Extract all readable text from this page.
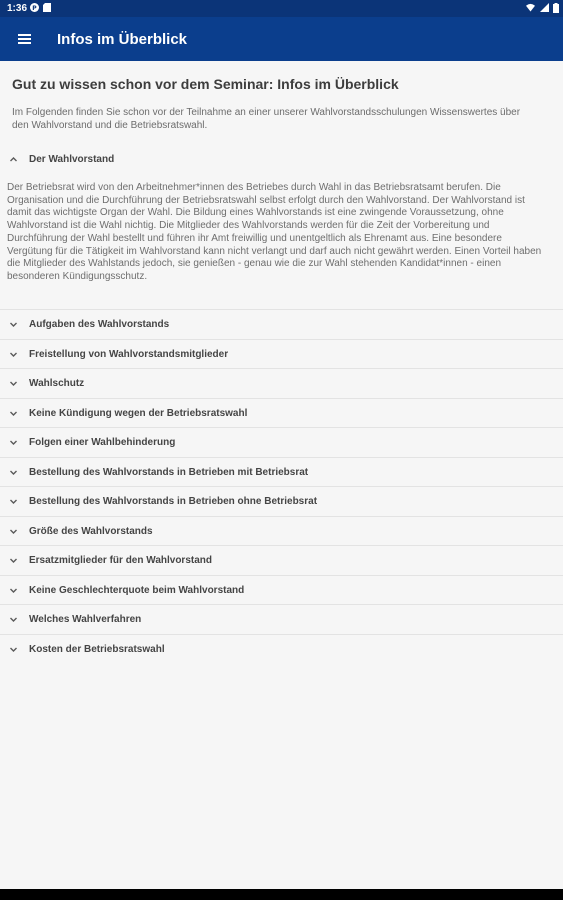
1:36 P
Infos im Überblick
Gut zu wissen schon vor dem Seminar: Infos im Überblick
Im Folgenden finden Sie schon vor der Teilnahme an einer unserer Wahlvorstandsschulungen Wissenswertes über den Wahlvorstand und die Betriebsratswahl.
Der Wahlvorstand
Der Betriebsrat wird von den Arbeitnehmer*innen des Betriebes durch Wahl in das Betriebsratsamt berufen. Die Organisation und die Durchführung der Betriebsratswahl selbst erfolgt durch den Wahlvorstand. Der Wahlvorstand ist damit das wichtigste Organ der Wahl. Die Bildung eines Wahlvorstands ist eine zwingende Voraussetzung, ohne Wahlvorstand ist die Wahl nichtig. Die Mitglieder des Wahlvorstands werden für die Zeit der Vorbereitung und Durchführung der Wahl bestellt und führen ihr Amt freiwillig und unentgeltlich als Ehrenamt aus. Eine besondere Vergütung für die Tätigkeit im Wahlvorstand kann nicht verlangt und darf auch nicht gewährt werden. Einen Vorteil haben die Mitglieder des Wahlstands jedoch, sie genießen - genau wie die zur Wahl stehenden Kandidat*innen - einen besonderen Kündigungsschutz.
Aufgaben des Wahlvorstands
Freistellung von Wahlvorstandsmitglieder
Wahlschutz
Keine Kündigung wegen der Betriebsratswahl
Folgen einer Wahlbehinderung
Bestellung des Wahlvorstands in Betrieben mit Betriebsrat
Bestellung des Wahlvorstands in Betrieben ohne Betriebsrat
Größe des Wahlvorstands
Ersatzmitglieder für den Wahlvorstand
Keine Geschlechterquote beim Wahlvorstand
Welches Wahlverfahren
Kosten der Betriebsratswahl
